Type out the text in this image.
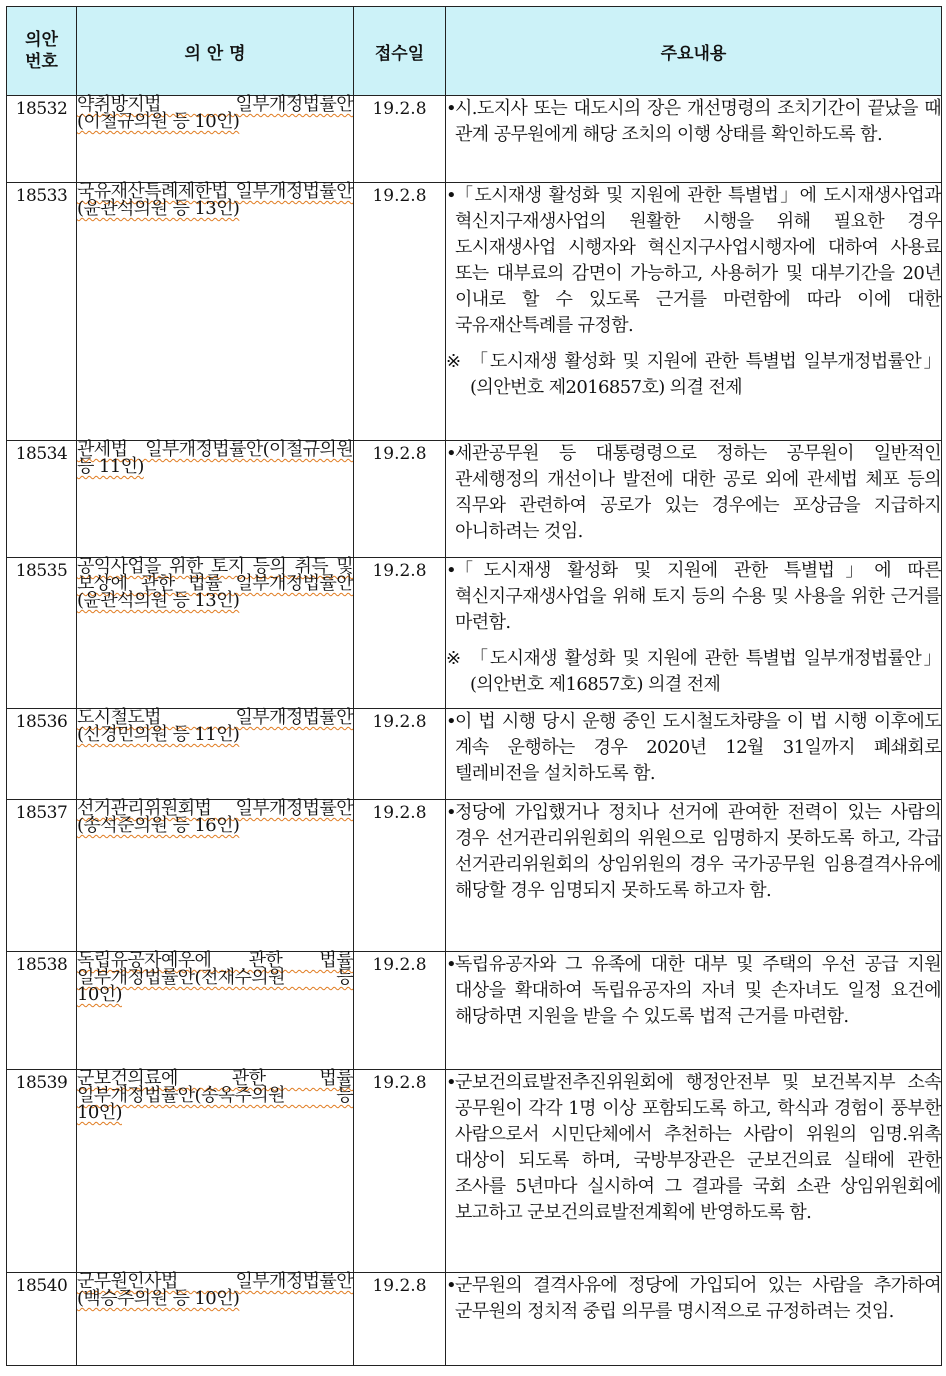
의안
번호	의 안 명	접수일	주요내용
18532	약취방지법 일부개정법률안(이철규의원 등 10인)	19.2.8	•
시.도지사 또는 대도시의 장은 개선명령의 조치기간이 끝났을 때 관계 공무원에게 해당 조치의 이행 상태를 확인하도록 함.

18533	국유재산특례제한법 일부개정법률안(윤관석의원 등 13인)	19.2.8	•
「도시재생 활성화 및 지원에 관한 특별법」에 도시재생사업과 혁신지구재생사업의 원활한 시행을 위해 필요한 경우 도시재생사업 시행자와 혁신지구사업시행자에 대하여 사용료 또는 대부료의 감면이 가능하고, 사용허가 및 대부기간을 20년 이내로 할 수 있도록 근거를 마련함에 따라 이에 대한 국유재산특례를 규정함.
※ 「도시재생 활성화 및 지원에 관한 특별법 일부개정법률안」(의안번호 제2016857호) 의결 전제

18534	관세법 일부개정법률안(이철규의원 등 11인)	19.2.8	•
세관공무원 등 대통령령으로 정하는 공무원이 일반적인 관세행정의 개선이나 발전에 대한 공로 외에 관세법 체포 등의 직무와 관련하여 공로가 있는 경우에는 포상금을 지급하지 아니하려는 것임.

18535	공익사업을 위한 토지 등의 취득 및 보상에 관한 법률 일부개정법률안(윤관석의원 등 13인)	19.2.8	•
「도시재생 활성화 및 지원에 관한 특별법」에 따른 혁신지구재생사업을 위해 토지 등의 수용 및 사용을 위한 근거를 마련함.
※ 「도시재생 활성화 및 지원에 관한 특별법 일부개정법률안」(의안번호 제16857호) 의결 전제

18536	도시철도법 일부개정법률안(신경민의원 등 11인)	19.2.8	•
이 법 시행 당시 운행 중인 도시철도차량을 이 법 시행 이후에도 계속 운행하는 경우 2020년 12월 31일까지 폐쇄회로 텔레비전을 설치하도록 함.

18537	선거관리위원회법 일부개정법률안(송석준의원 등 16인)	19.2.8	•
정당에 가입했거나 정치나 선거에 관여한 전력이 있는 사람의 경우 선거관리위원회의 위원으로 임명하지 못하도록 하고, 각급 선거관리위원회의 상임위원의 경우 국가공무원 임용결격사유에 해당할 경우 임명되지 못하도록 하고자 함.

18538	독립유공자예우에 관한 법률 일부개정법률안(전재수의원 등 10인)	19.2.8	•
독립유공자와 그 유족에 대한 대부 및 주택의 우선 공급 지원 대상을 확대하여 독립유공자의 자녀 및 손자녀도 일정 요건에 해당하면 지원을 받을 수 있도록 법적 근거를 마련함.

18539	군보건의료에 관한 법률 일부개정법률안(송옥주의원 등 10인)	19.2.8	•
군보건의료발전추진위원회에 행정안전부 및 보건복지부 소속 공무원이 각각 1명 이상 포함되도록 하고, 학식과 경험이 풍부한 사람으로서 시민단체에서 추천하는 사람이 위원의 임명.위촉 대상이 되도록 하며, 국방부장관은 군보건의료 실태에 관한 조사를 5년마다 실시하여 그 결과를 국회 소관 상임위원회에 보고하고 군보건의료발전계획에 반영하도록 함.

18540	군무원인사법 일부개정법률안(백승주의원 등 10인)	19.2.8	•
군무원의 결격사유에 정당에 가입되어 있는 사람을 추가하여 군무원의 정치적 중립 의무를 명시적으로 규정하려는 것임.
